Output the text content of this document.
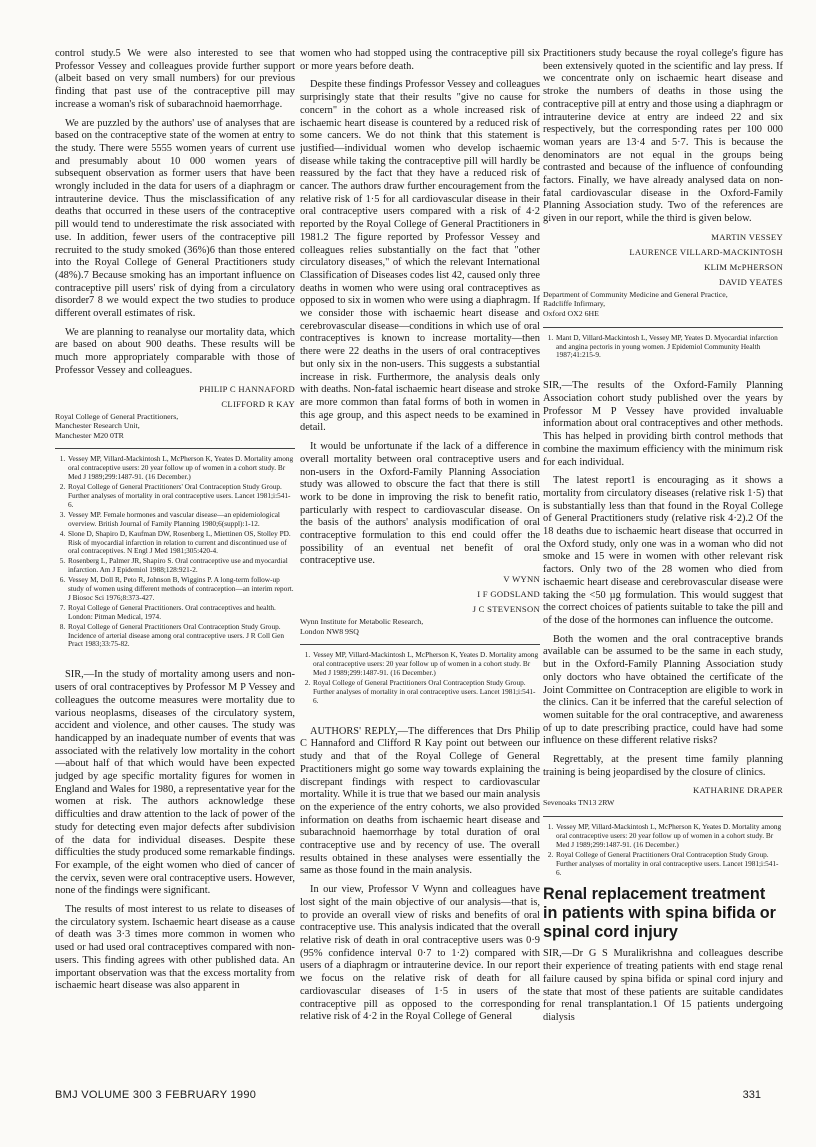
control study.5 We were also interested to see that Professor Vessey and colleagues provide further support (albeit based on very small numbers) for our previous finding that past use of the contraceptive pill may increase a woman's risk of subarachnoid haemorrhage.

We are puzzled by the authors' use of analyses that are based on the contraceptive state of the women at entry to the study. There were 5555 women years of current use and presumably about 10 000 women years of subsequent observation as former users that have been wrongly included in the data for users of a diaphragm or intrauterine device. Thus the misclassification of any deaths that occurred in these users of the contraceptive pill would tend to underestimate the risk associated with use. In addition, fewer users of the contraceptive pill recruited to the study smoked (36%)6 than those entered into the Royal College of General Practitioners study (48%).7 Because smoking has an important influence on contraceptive pill users' risk of dying from a circulatory disorder7 8 we would expect the two studies to produce different overall estimates of risk.

We are planning to reanalyse our mortality data, which are based on about 900 deaths. These results will be much more appropriately comparable with those of Professor Vessey and colleagues.

PHILIP C HANNAFORD
CLIFFORD R KAY
Royal College of General Practitioners,
Manchester Research Unit,
Manchester M20 0TR
1. Vessey MP, Villard-Mackintosh L, McPherson K, Yeates D. Mortality among oral contraceptive users: 20 year follow up of women in a cohort study. Br Med J 1989;299:1487-91. (16 December.)
2. Royal College of General Practitioners' Oral Contraception Study Group. Further analyses of mortality in oral contraceptive users. Lancet 1981;i:541-6.
3. Vessey MP. Female hormones and vascular disease—an epidemiological overview. British Journal of Family Planning 1980;6(suppl):1-12.
4. Slone D, Shapiro D, Kaufman DW, Rosenberg L, Miettinen OS, Stolley PD. Risk of myocardial infarction in relation to current and discontinued use of oral contraceptives. N Engl J Med 1981;305:420-4.
5. Rosenberg L, Palmer JR, Shapiro S. Oral contraceptive use and myocardial infarction. Am J Epidemiol 1988;128:921-2.
6. Vessey M, Doll R, Peto R, Johnson B, Wiggins P. A long-term follow-up study of women using different methods of contraception—an interim report. J Biosoc Sci 1976;8:373-427.
7. Royal College of General Practitioners. Oral contraceptives and health. London: Pitman Medical, 1974.
8. Royal College of General Practitioners Oral Contraception Study Group. Incidence of arterial disease among oral contraceptive users. J R Coll Gen Pract 1983;33:75-82.

SIR,—In the study of mortality among users and non-users of oral contraceptives by Professor M P Vessey and colleagues the outcome measures were mortality due to various neoplasms, diseases of the circulatory system, accident and violence, and other causes. The study was handicapped by an inadequate number of events that was associated with the relatively low mortality in the cohort—about half of that which would have been expected judged by age specific mortality figures for women in England and Wales for 1980, a representative year for the women at risk. The authors acknowledge these difficulties and draw attention to the lack of power of the study for detecting even major defects after subdivision of the data for individual diseases. Despite these difficulties the study produced some remarkable findings. For example, of the eight women who died of cancer of the cervix, seven were oral contraceptive users. However, none of the findings were significant.

The results of most interest to us relate to diseases of the circulatory system. Ischaemic heart disease as a cause of death was 3·3 times more common in women who used or had used oral contraceptives compared with non-users. This finding agrees with other published data. An important observation was that the excess mortality from ischaemic heart disease was also apparent in

women who had stopped using the contraceptive pill six or more years before death.

Despite these findings Professor Vessey and colleagues surprisingly state that their results "give no cause for concern" in the cohort as a whole increased risk of ischaemic heart disease is countered by a reduced risk of some cancers. We do not think that this statement is justified—individual women who develop ischaemic disease while taking the contraceptive pill will hardly be reassured by the fact that they have a reduced risk of cancer. The authors draw further encouragement from the relative risk of 1·5 for all cardiovascular disease in their oral contraceptive users compared with a risk of 4·2 reported by the Royal College of General Practitioners in 1981.2 The figure reported by Professor Vessey and colleagues relies substantially on the fact that "other circulatory diseases," of which the relevant International Classification of Diseases codes list 42, caused only three deaths in women who were using oral contraceptives as opposed to six in women who were using a diaphragm. If we consider those with ischaemic heart disease and cerebrovascular disease—conditions in which use of oral contraceptives is known to increase mortality—then there were 22 deaths in the users of oral contraceptives but only six in the non-users. This suggests a substantial increase in risk. Furthermore, the analysis deals only with deaths. Non-fatal ischaemic heart disease and stroke are more common than fatal forms of both in women in this age group, and this aspect needs to be examined in detail.

It would be unfortunate if the lack of a difference in overall mortality between oral contraceptive users and non-users in the Oxford-Family Planning Association study was allowed to obscure the fact that there is still work to be done in improving the risk to benefit ratio, particularly with respect to cardiovascular disease. On the basis of the authors' analysis modification of oral contraceptive formulation to this end could offer the possibility of an eventual net benefit of oral contraceptive use.

V WYNN
I F GODSLAND
J C STEVENSON
Wynn Institute for Metabolic Research,
London NW8 9SQ
1. Vessey MP, Villard-Mackintosh L, McPherson K, Yeates D. Mortality among oral contraceptive users: 20 year follow up of women in a cohort study. Br Med J 1989;299:1487-91. (16 December.)
2. Royal College of General Practitioners Oral Contraception Study Group. Further analyses of mortality in oral contraceptive users. Lancet 1981;i:541-6.

AUTHORS' REPLY,—The differences that Drs Philip C Hannaford and Clifford R Kay point out between our study and that of the Royal College of General Practitioners might go some way towards explaining the discrepant findings with respect to cardiovascular mortality. While it is true that we based our main analysis on the experience of the entry cohorts, we also provided information on deaths from ischaemic heart disease and subarachnoid haemorrhage by total duration of oral contraceptive use and by recency of use. The overall results obtained in these analyses were essentially the same as those found in the main analysis.

In our view, Professor V Wynn and colleagues have lost sight of the main objective of our analysis—that is, to provide an overall view of risks and benefits of oral contraceptive use. This analysis indicated that the overall relative risk of death in oral contraceptive users was 0·9 (95% confidence interval 0·7 to 1·2) compared with users of a diaphragm or intrauterine device. In our report we focus on the relative risk of death for all cardiovascular diseases of 1·5 in users of the contraceptive pill as opposed to the corresponding relative risk of 4·2 in the Royal College of General

Practitioners study because the royal college's figure has been extensively quoted in the scientific and lay press. If we concentrate only on ischaemic heart disease and stroke the numbers of deaths in those using the contraceptive pill at entry and those using a diaphragm or intrauterine device at entry are indeed 22 and six respectively, but the corresponding rates per 100 000 woman years are 13·4 and 5·7. This is because the denominators are not equal in the groups being contrasted and because of the influence of confounding factors. Finally, we have already analysed data on non-fatal cardiovascular disease in the Oxford-Family Planning Association study. Two of the references are given in our report, while the third is given below.

MARTIN VESSEY
LAURENCE VILLARD-MACKINTOSH
KLIM McPHERSON
DAVID YEATES
Department of Community Medicine and General Practice,
Radcliffe Infirmary,
Oxford OX2 6HE
1. Mant D, Villard-Mackintosh L, Vessey MP, Yeates D. Myocardial infarction and angina pectoris in young women. J Epidemiol Community Health 1987;41:215-9.

SIR,—The results of the Oxford-Family Planning Association cohort study published over the years by Professor M P Vessey have provided invaluable information about oral contraceptives and other methods. This has helped in providing birth control methods that combine the maximum efficiency with the minimum risk for each individual.

The latest report1 is encouraging as it shows a mortality from circulatory diseases (relative risk 1·5) that is substantially less than that found in the Royal College of General Practitioners study (relative risk 4·2).2 Of the 18 deaths due to ischaemic heart disease that occurred in the Oxford study, only one was in a woman who did not smoke and 15 were in women with other relevant risk factors. Only two of the 28 women who died from ischaemic heart disease and cerebrovascular disease were taking the <50 µg formulation. This would suggest that the correct choices of patients suitable to take the pill and of the dose of the hormones can influence the outcome.

Both the women and the oral contraceptive brands available can be assumed to be the same in each study, but in the Oxford-Family Planning Association study only doctors who have obtained the certificate of the Joint Committee on Contraception are eligible to work in the clinics. Can it be inferred that the careful selection of women suitable for the oral contraceptive, and awareness of up to date prescribing practice, could have had some influence on these different relative risks?

Regrettably, at the present time family planning training is being jeopardised by the closure of clinics.

KATHARINE DRAPER
Sevenoaks TN13 2RW
1. Vessey MP, Villard-Mackintosh L, McPherson K, Yeates D. Mortality among oral contraceptive users: 20 year follow up of women in a cohort study. Br Med J 1989;299:1487-91. (16 December.)
2. Royal College of General Practitioners Oral Contraception Study Group. Further analyses of mortality in oral contraceptive users. Lancet 1981;i:541-6.
Renal replacement treatment in patients with spina bifida or spinal cord injury

SIR,—Dr G S Muralikrishna and colleagues describe their experience of treating patients with end stage renal failure caused by spina bifida or spinal cord injury and state that most of these patients are suitable candidates for renal transplantation.1 Of 15 patients undergoing dialysis

BMJ VOLUME 300 3 FEBRUARY 1990	331
